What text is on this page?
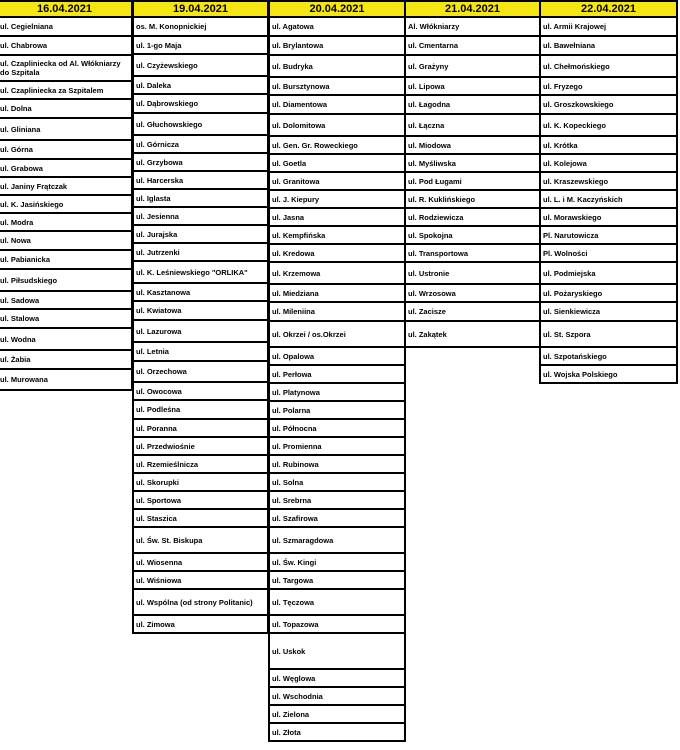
16.04.2021
ul. Cegielniana
ul. Chabrowa
ul. Czapliniecka od Al. Włókniarzy do Szpitala
ul. Czapliniecka za Szpitalem
ul. Dolna
ul. Gliniana
ul. Górna
ul. Grabowa
ul. Janiny Frątczak
ul. K. Jasińskiego
ul. Modra
ul. Nowa
ul. Pabianicka
ul. Piłsudskiego
ul. Sadowa
ul. Stalowa
ul. Wodna
ul. Żabia
ul. Murowana
19.04.2021
os. M. Konopnickiej
ul. 1-go Maja
ul. Czyżewskiego
ul. Daleka
ul. Dąbrowskiego
ul. Głuchowskiego
ul. Górnicza
ul. Grzybowa
ul. Harcerska
ul. Iglasta
ul. Jesienna
ul. Jurajska
ul. Jutrzenki
ul. K. Leśniewskiego "ORLIKA"
ul. Kasztanowa
ul. Kwiatowa
ul. Lazurowa
ul. Letnia
ul. Orzechowa
ul. Owocowa
ul. Podleśna
ul. Poranna
ul. Przedwiośnie
ul. Rzemieślnicza
ul. Skorupki
ul. Sportowa
ul. Staszica
ul. Św. St. Biskupa
ul. Wiosenna
ul. Wiśniowa
ul. Wspólna (od strony Politanic)
ul. Zimowa
20.04.2021
ul. Agatowa
ul. Brylantowa
ul. Budryka
ul. Bursztynowa
ul. Diamentowa
ul. Dolomitowa
ul. Gen. Gr. Roweckiego
ul. Goetla
ul. Granitowa
ul. J. Kiepury
ul. Jasna
ul. Kempfińska
ul. Kredowa
ul. Krzemowa
ul. Miedziana
ul. Mileniina
ul. Okrzei / os.Okrzei
ul. Opalowa
ul. Perłowa
ul. Platynowa
ul. Polarna
ul. Północna
ul. Promienna
ul. Rubinowa
ul. Solna
ul. Srebrna
ul. Szafirowa
ul. Szmaragdowa
ul. Św. Kingi
ul. Targowa
ul. Tęczowa
ul. Topazowa
ul. Uskok
ul. Węglowa
ul. Wschodnia
ul. Zielona
ul. Złota
21.04.2021
Al. Włókniarzy
ul. Cmentarna
ul. Grażyny
ul. Lipowa
ul. Łagodna
ul. Łączna
ul. Miodowa
ul. Myśliwska
ul. Pod Ługami
ul. R. Kuklińskiego
ul. Rodziewicza
ul. Spokojna
ul. Transportowa
ul. Ustronie
ul. Wrzosowa
ul. Zacisze
ul. Zakątek
22.04.2021
ul. Armii Krajowej
ul. Bawełniana
ul. Chełmońskiego
ul. Fryzego
ul. Groszkowskiego
ul. K. Kopeckiego
ul. Krótka
ul. Kolejowa
ul. Kraszewskiego
ul. L. i M. Kaczyńskich
ul. Morawskiego
Pl. Narutowicza
Pl. Wolności
ul. Podmiejska
ul. Pożaryskiego
ul. Sienkiewicza
ul. St. Szpora
ul. Szpotańskiego
ul. Wojska Polskiego
